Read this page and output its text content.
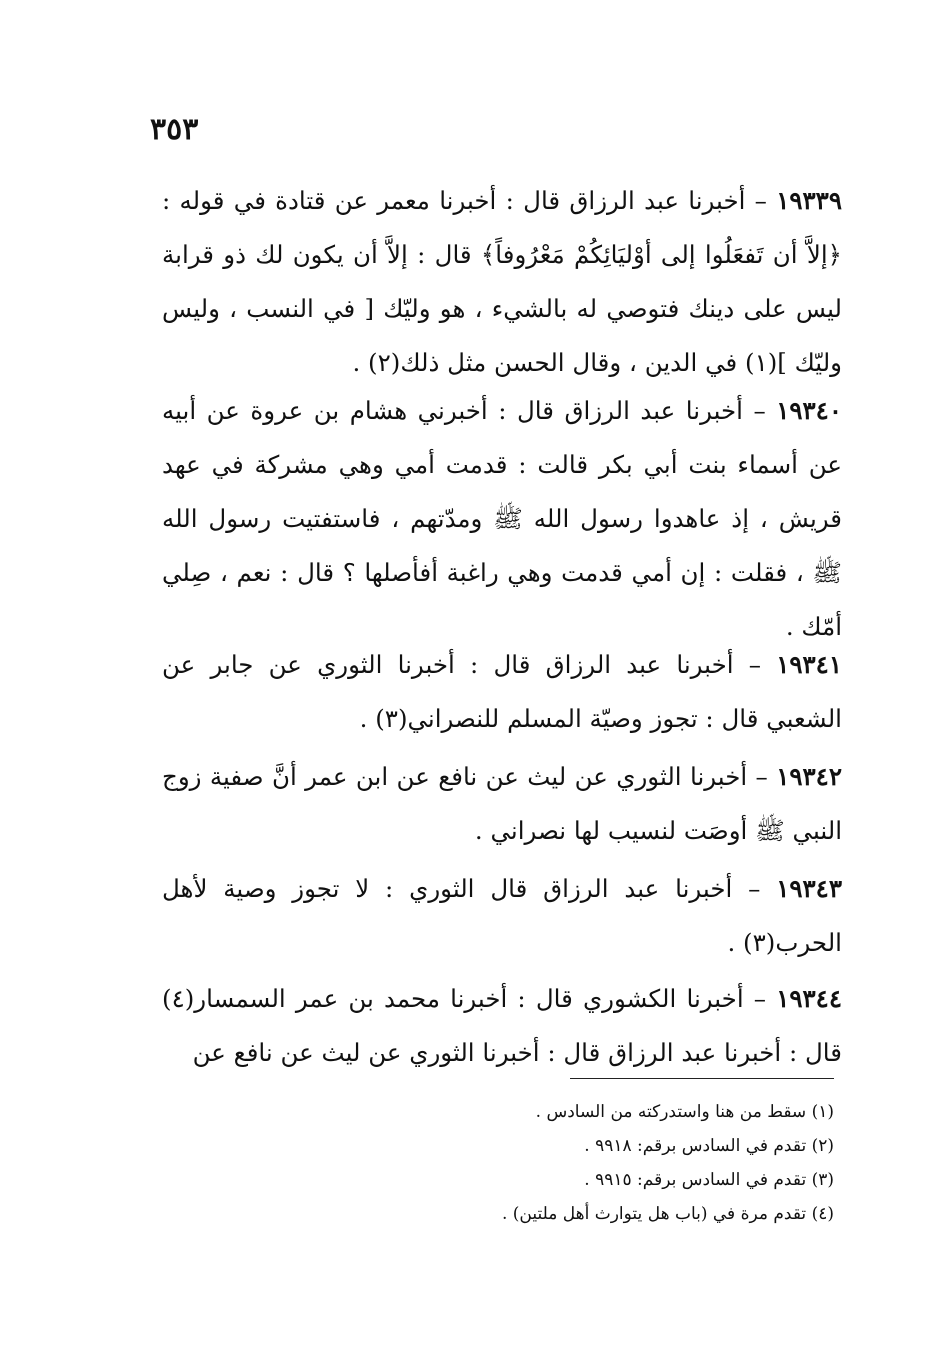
٣٥٣
١٩٣٣٩ – أخبرنا عبد الرزاق قال : أخبرنا معمر عن قتادة في قوله : ﴿إلاَّ أن تَفعَلُوا إلى أوْليَائِكُمْ مَعْرُوفاً﴾ قال : إلاَّ أن يكون لك ذو قرابة ليس على دينك فتوصي له بالشيء ، هو وليّك [ في النسب ، وليس وليّك ](١) في الدين ، وقال الحسن مثل ذلك(٢) .
١٩٣٤٠ – أخبرنا عبد الرزاق قال : أخبرني هشام بن عروة عن أبيه عن أسماء بنت أبي بكر قالت : قدمت أمي وهي مشركة في عهد قريش ، إذ عاهدوا رسول الله ﷺ ومدّتهم ، فاستفتيت رسول الله ﷺ ، فقلت : إن أمي قدمت وهي راغبة أفأصلها ؟ قال : نعم ، صِلي أمّك .
١٩٣٤١ – أخبرنا عبد الرزاق قال : أخبرنا الثوري عن جابر عن الشعبي قال : تجوز وصيّة المسلم للنصراني(٣) .
١٩٣٤٢ – أخبرنا الثوري عن ليث عن نافع عن ابن عمر أنَّ صفية زوج النبي ﷺ أوصَت لنسيب لها نصراني .
١٩٣٤٣ – أخبرنا عبد الرزاق قال الثوري : لا تجوز وصية لأهل الحرب(٣) .
١٩٣٤٤ – أخبرنا الكشوري قال : أخبرنا محمد بن عمر السمسار(٤) قال : أخبرنا عبد الرزاق قال : أخبرنا الثوري عن ليث عن نافع عن
(١) سقط من هنا واستدركته من السادس .
(٢) تقدم في السادس برقم: ٩٩١٨ .
(٣) تقدم في السادس برقم: ٩٩١٥ .
(٤) تقدم مرة في (باب هل يتوارث أهل ملتين) .
